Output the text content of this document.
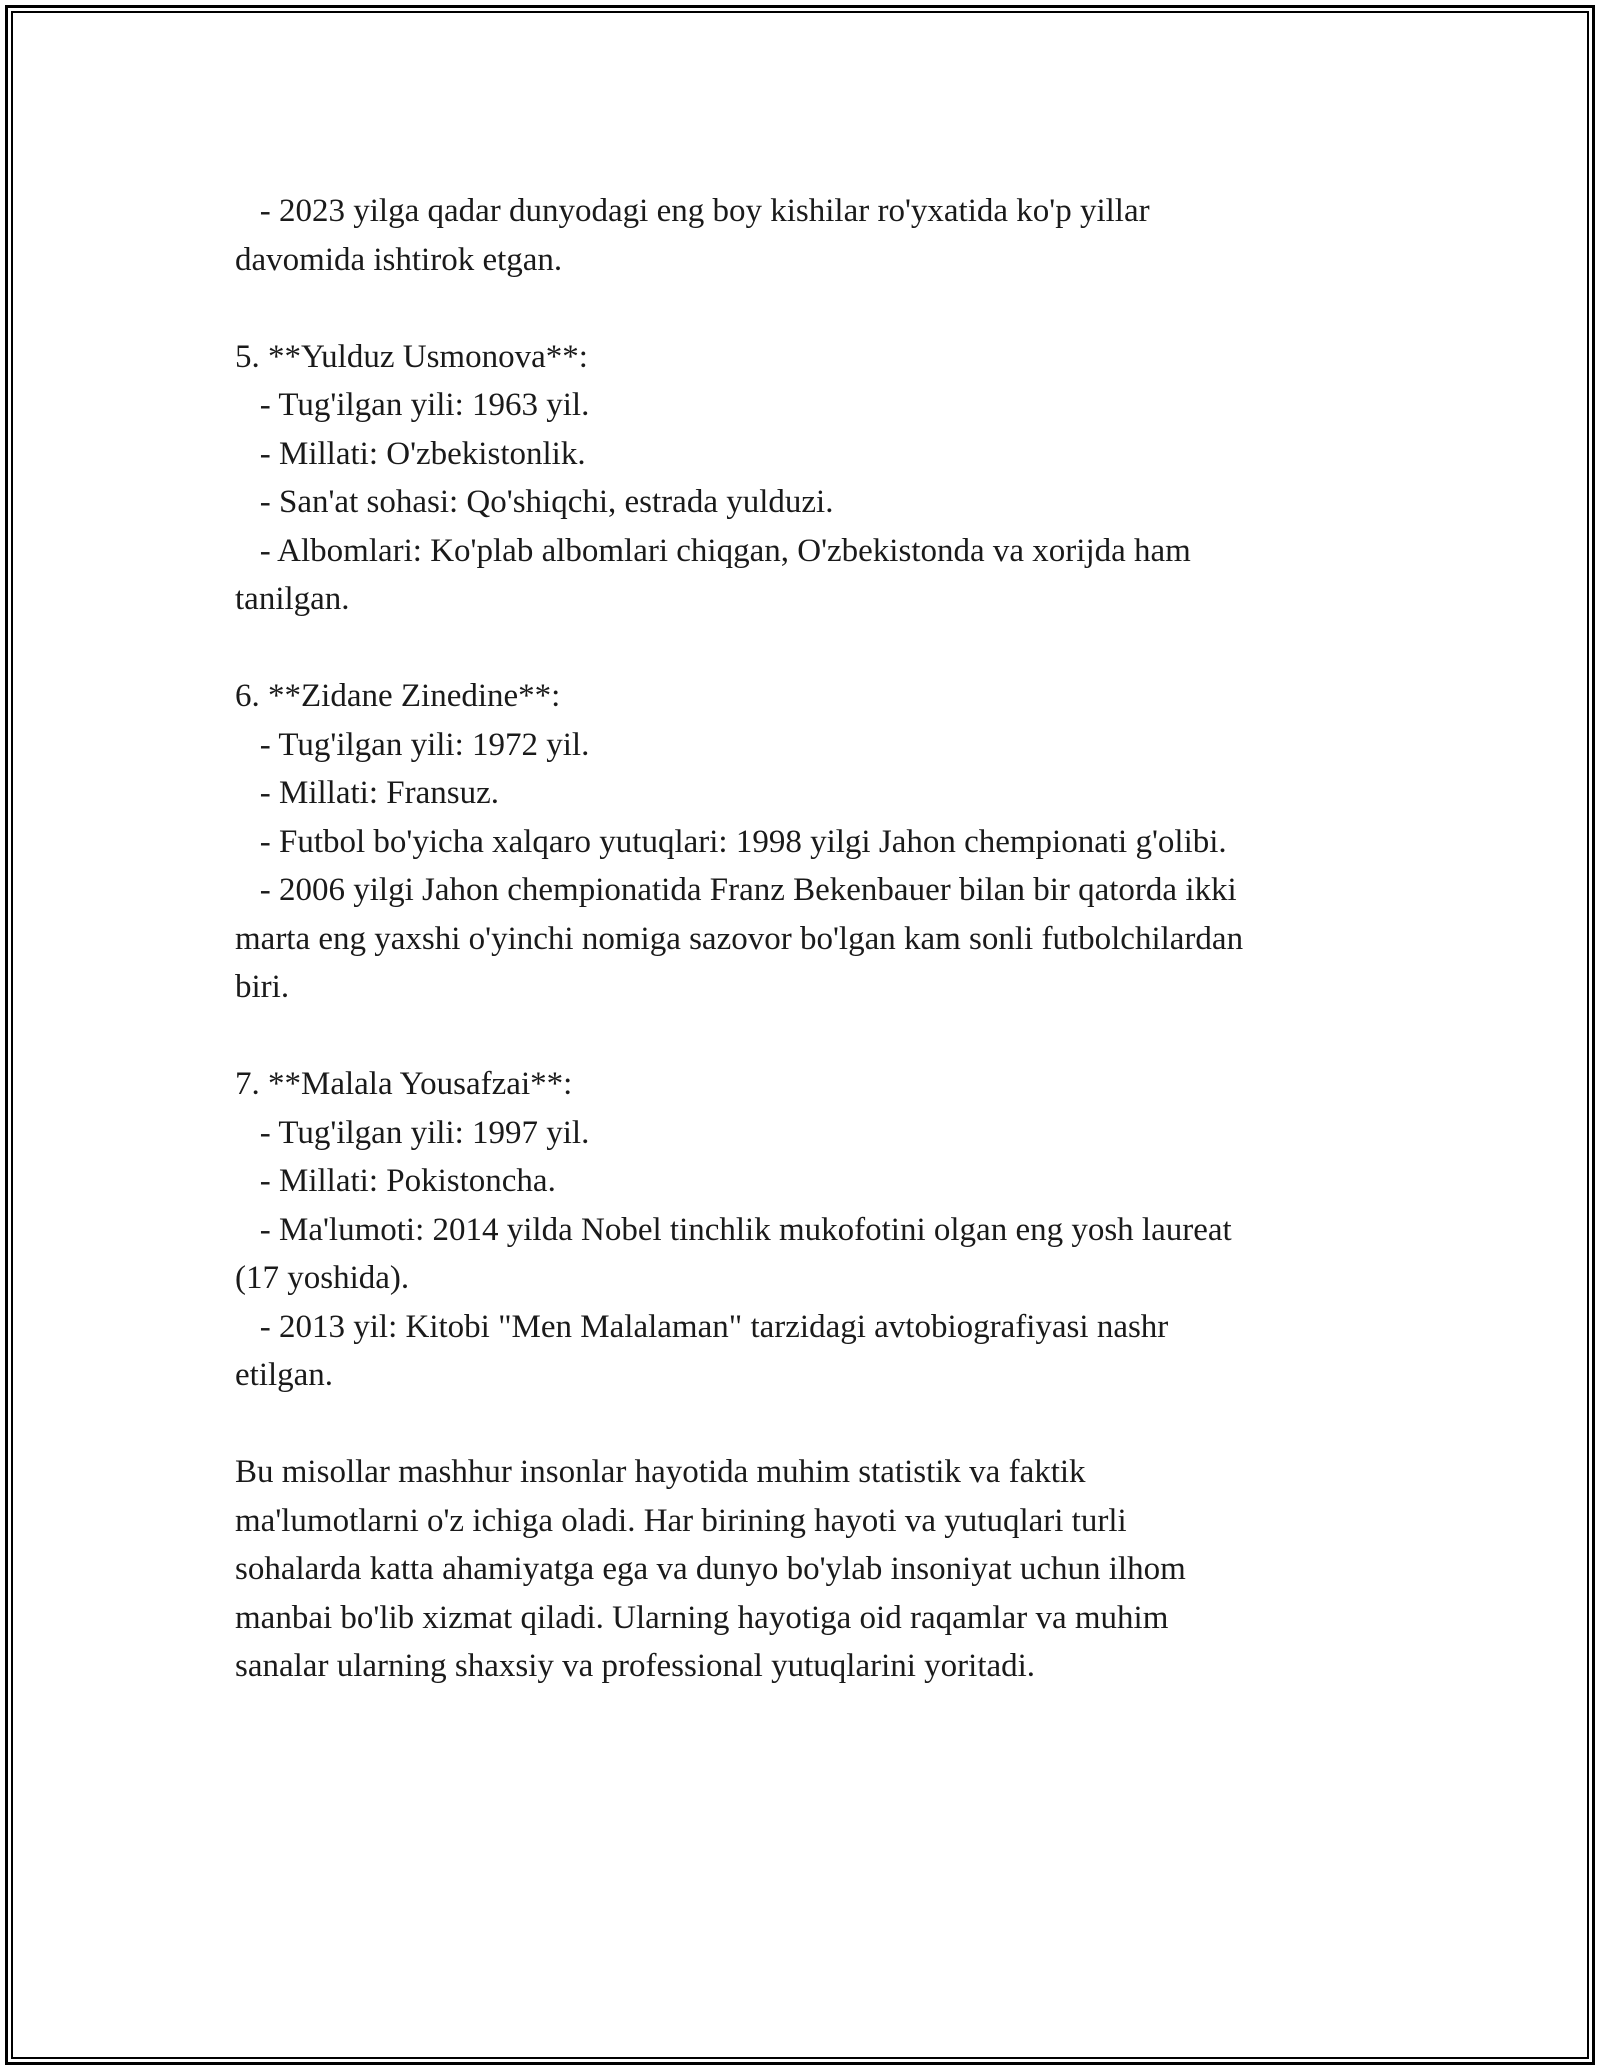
- 2023 yilga qadar dunyodagi eng boy kishilar ro'yxatida ko'p yillar
davomida ishtirok etgan.
5. **Yulduz Usmonova**:
- Tug'ilgan yili: 1963 yil.
- Millati: O'zbekistonlik.
- San'at sohasi: Qo'shiqchi, estrada yulduzi.
- Albomlari: Ko'plab albomlari chiqgan, O'zbekistonda va xorijda ham
tanilgan.
6. **Zidane Zinedine**:
- Tug'ilgan yili: 1972 yil.
- Millati: Fransuz.
- Futbol bo'yicha xalqaro yutuqlari: 1998 yilgi Jahon chempionati g'olibi.
- 2006 yilgi Jahon chempionatida Franz Bekenbauer bilan bir qatorda ikki
marta eng yaxshi o'yinchi nomiga sazovor bo'lgan kam sonli futbolchilardan
biri.
7. **Malala Yousafzai**:
- Tug'ilgan yili: 1997 yil.
- Millati: Pokistoncha.
- Ma'lumoti: 2014 yilda Nobel tinchlik mukofotini olgan eng yosh laureat
(17 yoshida).
- 2013 yil: Kitobi "Men Malalaman" tarzidagi avtobiografiyasi nashr
etilgan.
Bu misollar mashhur insonlar hayotida muhim statistik va faktik
ma'lumotlarni o'z ichiga oladi. Har birining hayoti va yutuqlari turli
sohalarda katta ahamiyatga ega va dunyo bo'ylab insoniyat uchun ilhom
manbai bo'lib xizmat qiladi. Ularning hayotiga oid raqamlar va muhim
sanalar ularning shaxsiy va professional yutuqlarini yoritadi.
